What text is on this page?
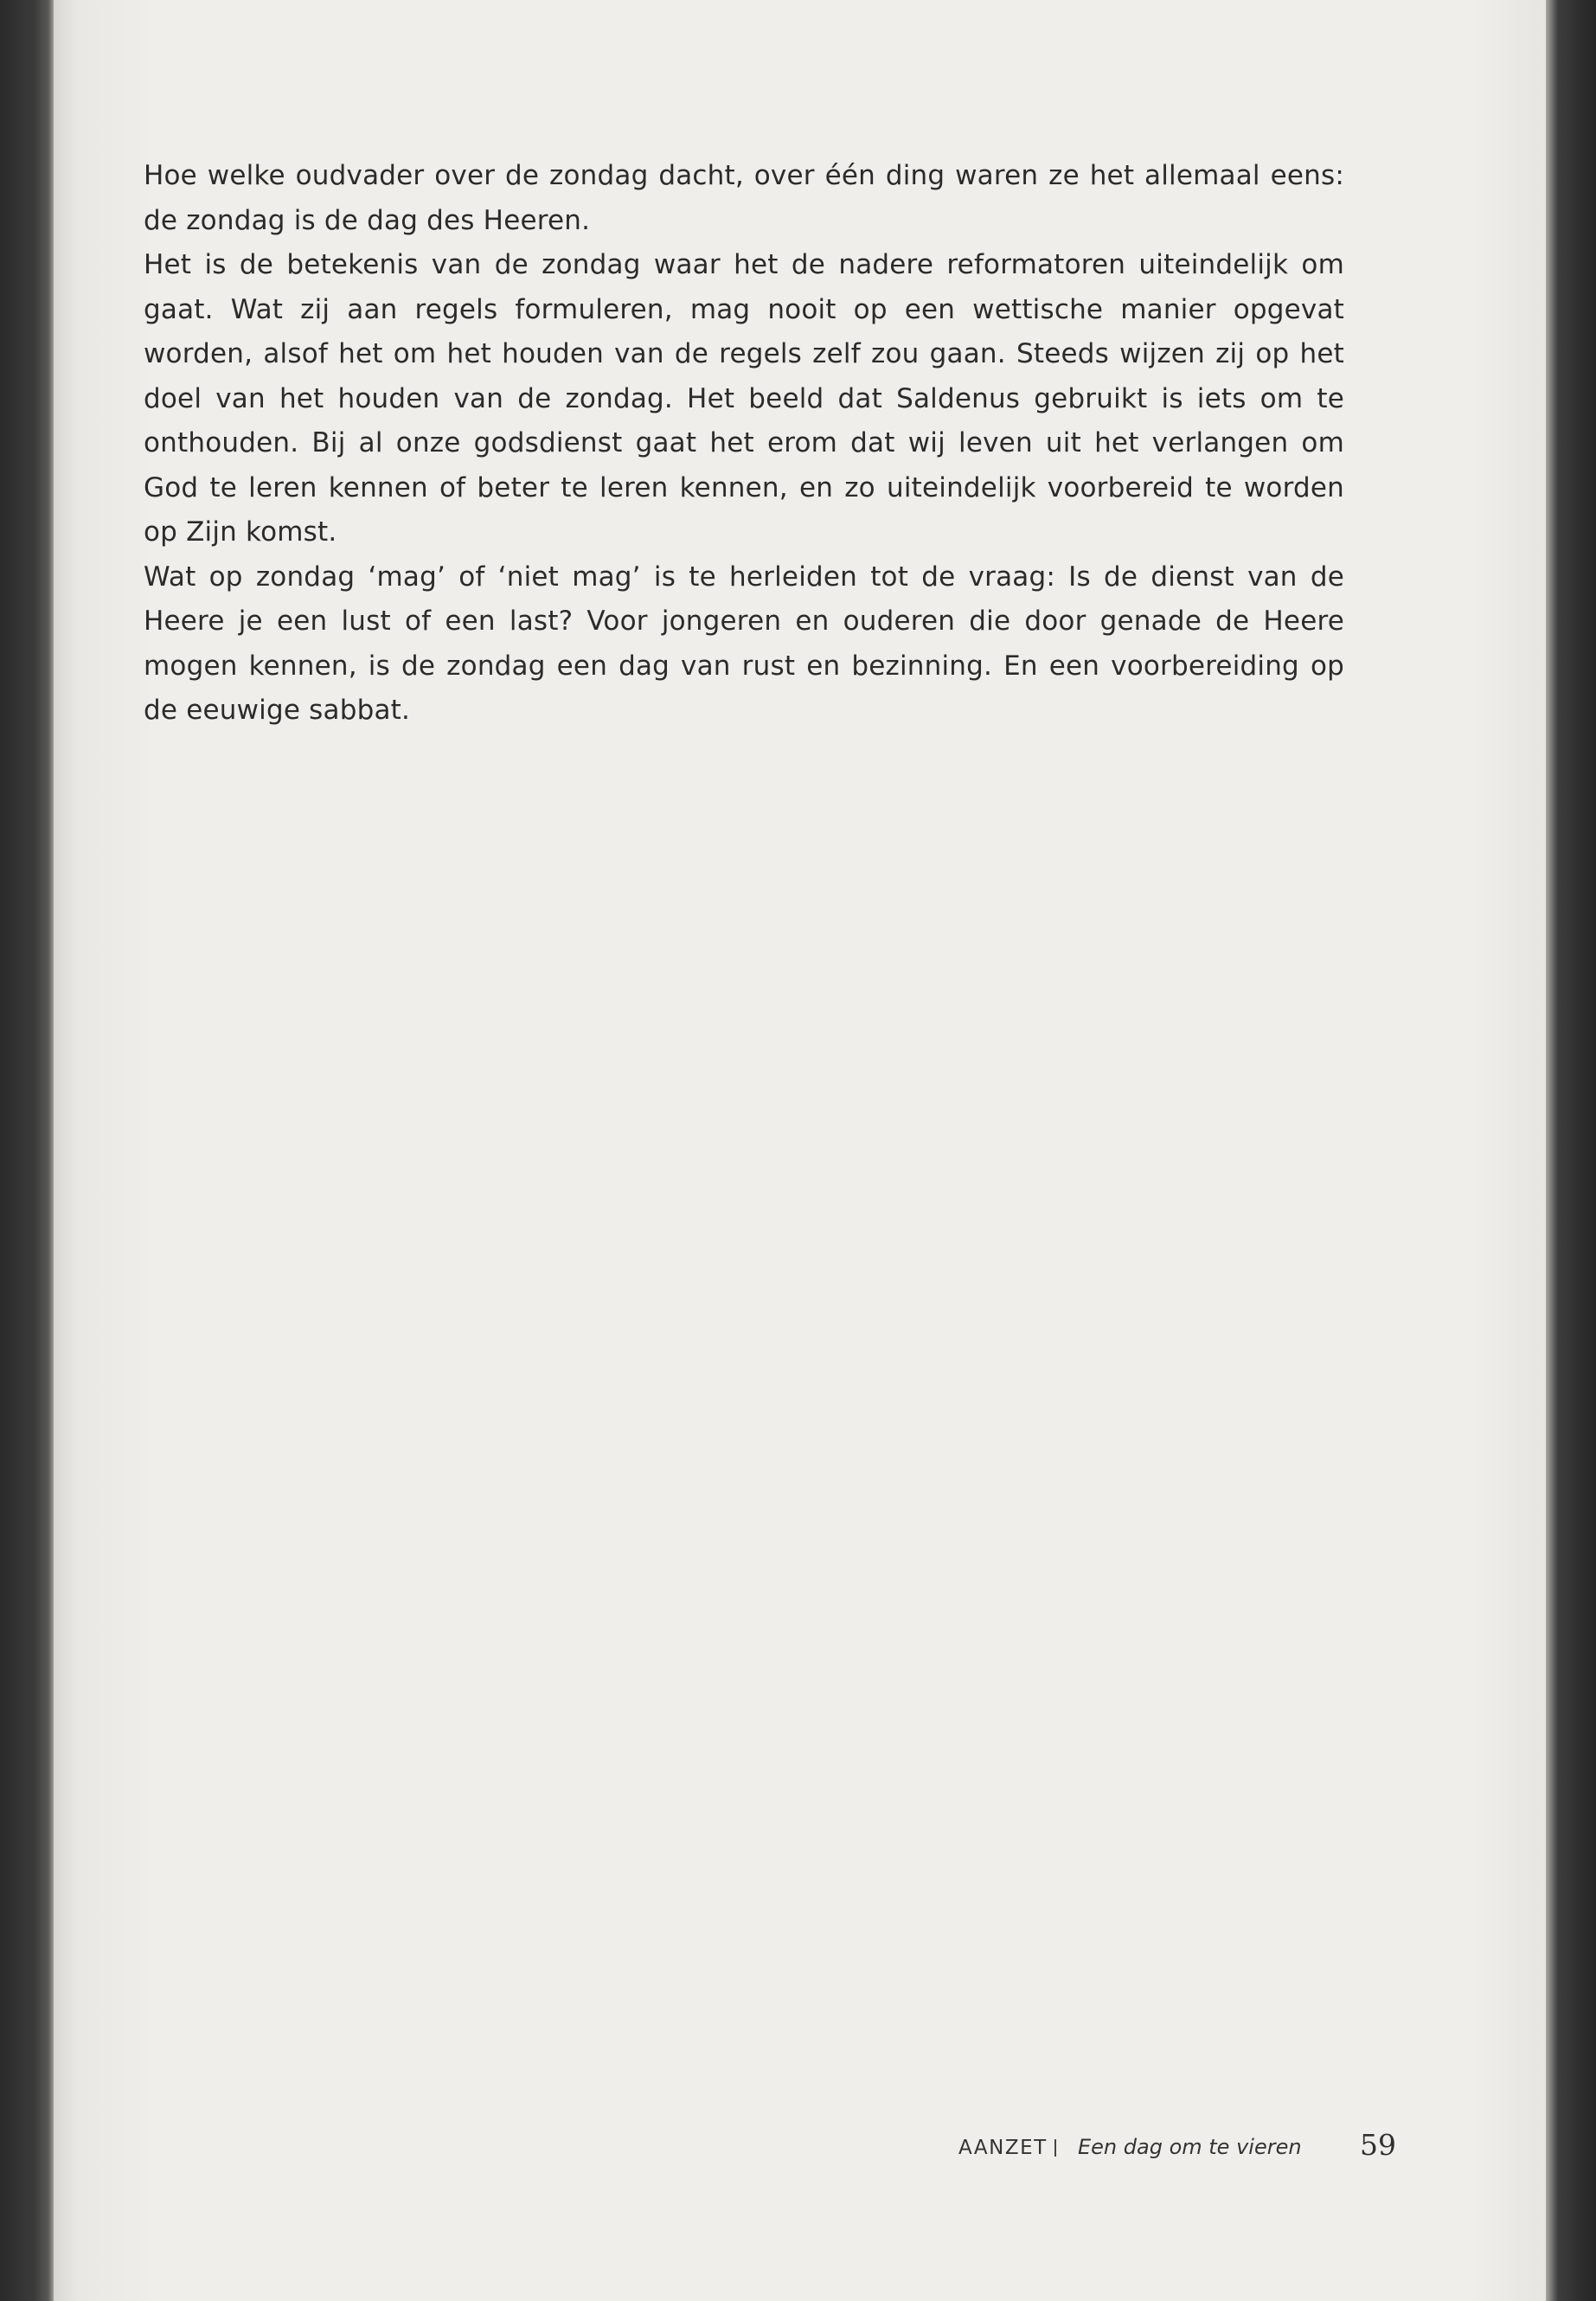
Hoe welke oudvader over de zondag dacht, over één ding waren ze het allemaal eens: de zondag is de dag des Heeren.

Het is de betekenis van de zondag waar het de nadere reformatoren uiteindelijk om gaat. Wat zij aan regels formuleren, mag nooit op een wettische manier opgevat worden, alsof het om het houden van de regels zelf zou gaan. Steeds wijzen zij op het doel van het houden van de zondag. Het beeld dat Saldenus gebruikt is iets om te onthouden. Bij al onze godsdienst gaat het erom dat wij leven uit het verlangen om God te leren kennen of beter te leren kennen, en zo uiteindelijk voorbereid te worden op Zijn komst.

Wat op zondag ‘mag’ of ‘niet mag’ is te herleiden tot de vraag: Is de dienst van de Heere je een lust of een last? Voor jongeren en ouderen die door genade de Heere mogen kennen, is de zondag een dag van rust en bezinning. En een voorbereiding op de eeuwige sabbat.

AANZET Een dag om te vieren 59
